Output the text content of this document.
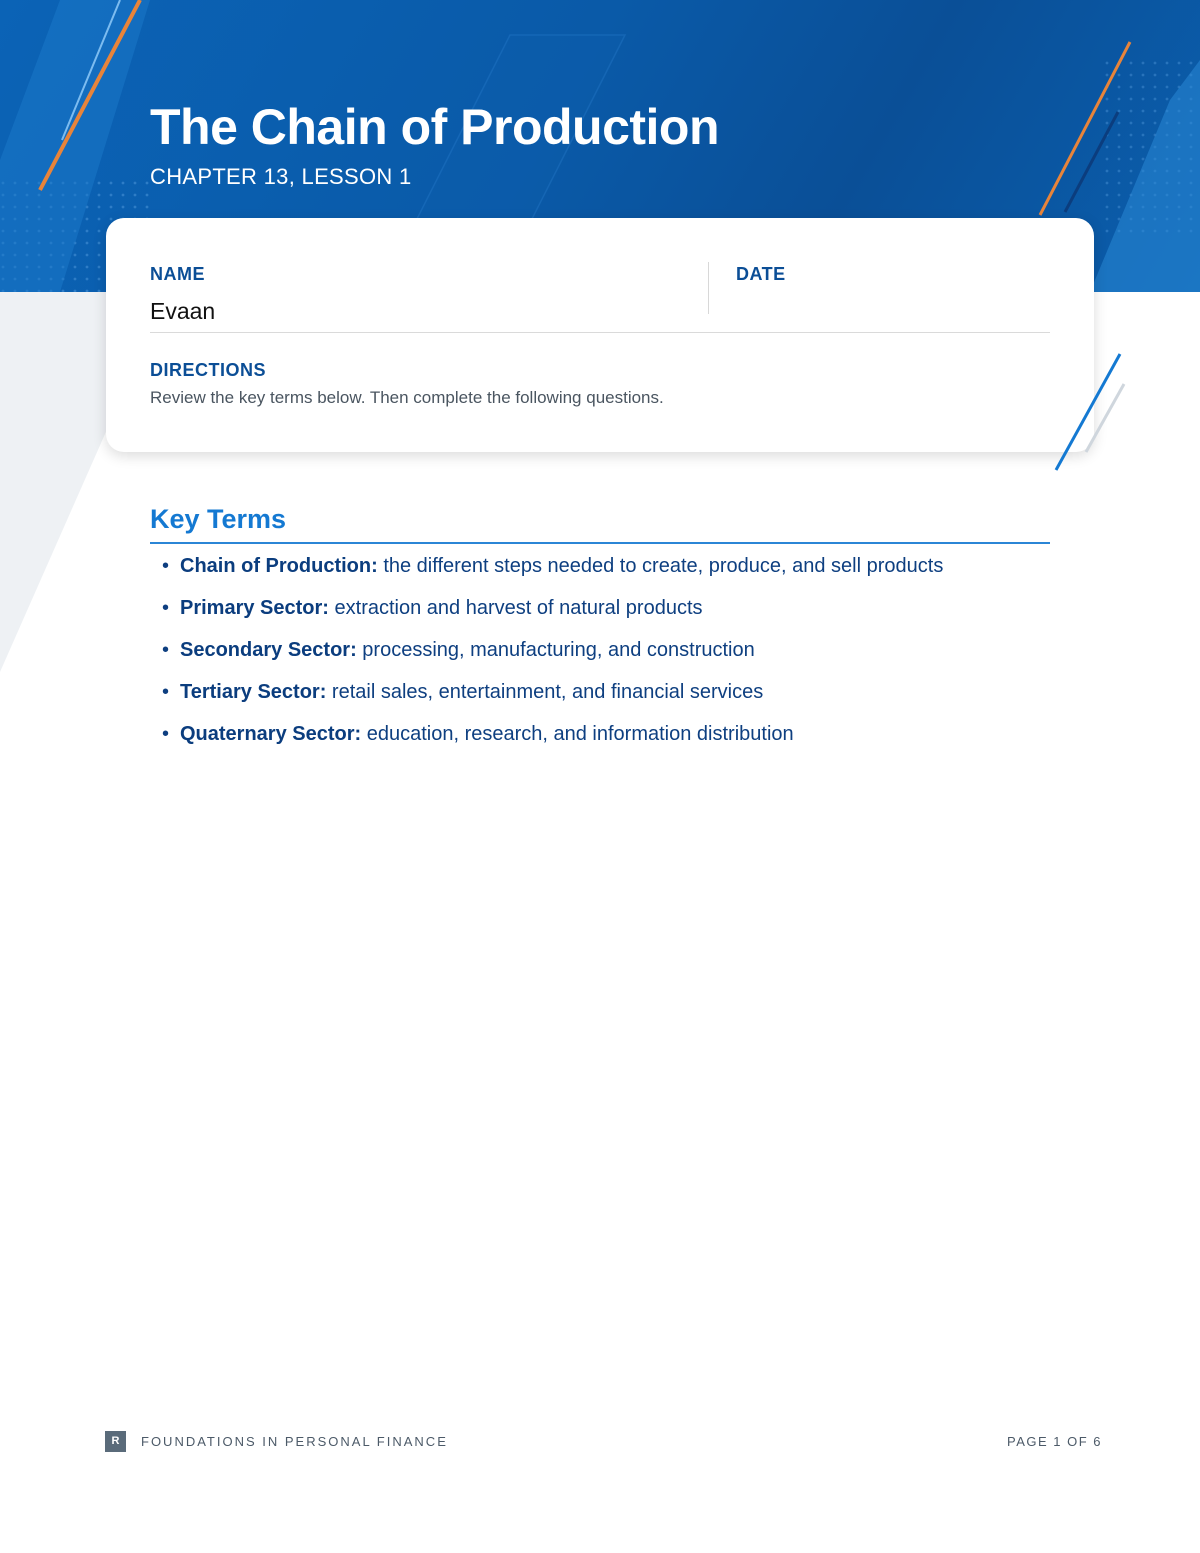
The Chain of Production

CHAPTER 13, LESSON 1

NAME
Evaan
DATE
DIRECTIONS
Review the key terms below. Then complete the following questions.
Key Terms
• Chain of Production: the different steps needed to create, produce, and sell products
• Primary Sector: extraction and harvest of natural products
• Secondary Sector: processing, manufacturing, and construction
• Tertiary Sector: retail sales, entertainment, and financial services
• Quaternary Sector: education, research, and information distribution
R	FOUNDATIONS IN PERSONAL FINANCE	PAGE 1 OF 6
